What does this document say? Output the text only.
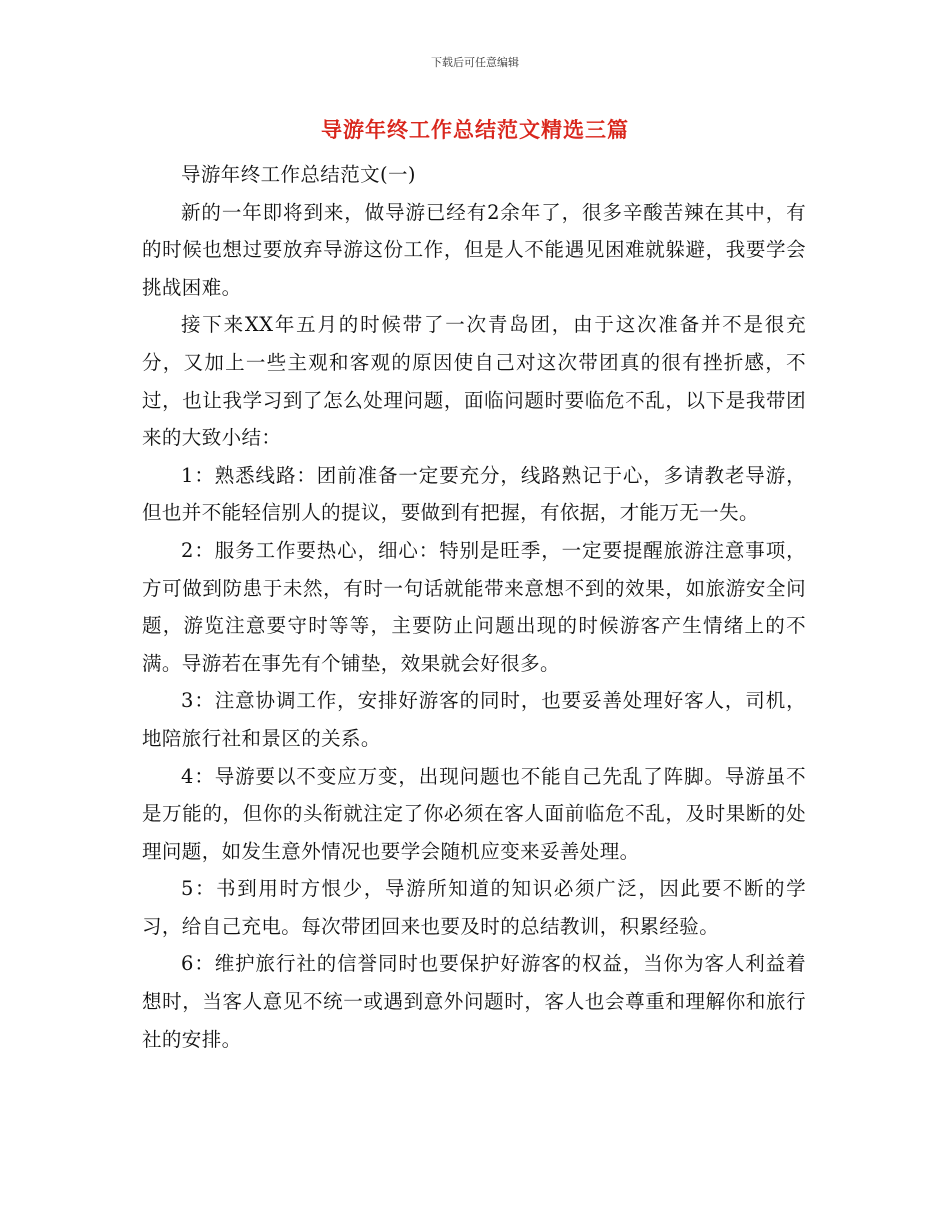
下载后可任意编辑
导游年终工作总结范文精选三篇

导游年终工作总结范文(一)

新的一年即将到来，做导游已经有2余年了，很多辛酸苦辣在其中，有的时候也想过要放弃导游这份工作，但是人不能遇见困难就躲避，我要学会挑战困难。

接下来XX年五月的时候带了一次青岛团，由于这次准备并不是很充分，又加上一些主观和客观的原因使自己对这次带团真的很有挫折感，不过，也让我学习到了怎么处理问题，面临问题时要临危不乱，以下是我带团来的大致小结：

1：熟悉线路：团前准备一定要充分，线路熟记于心，多请教老导游，但也并不能轻信别人的提议，要做到有把握，有依据，才能万无一失。

2：服务工作要热心，细心：特别是旺季，一定要提醒旅游注意事项，方可做到防患于未然，有时一句话就能带来意想不到的效果，如旅游安全问题，游览注意要守时等等，主要防止问题出现的时候游客产生情绪上的不满。导游若在事先有个铺垫，效果就会好很多。

3：注意协调工作，安排好游客的同时，也要妥善处理好客人，司机，地陪旅行社和景区的关系。

4：导游要以不变应万变，出现问题也不能自己先乱了阵脚。导游虽不是万能的，但你的头衔就注定了你必须在客人面前临危不乱，及时果断的处理问题，如发生意外情况也要学会随机应变来妥善处理。

5：书到用时方恨少，导游所知道的知识必须广泛，因此要不断的学习，给自己充电。每次带团回来也要及时的总结教训，积累经验。

6：维护旅行社的信誉同时也要保护好游客的权益，当你为客人利益着想时，当客人意见不统一或遇到意外问题时，客人也会尊重和理解你和旅行社的安排。
